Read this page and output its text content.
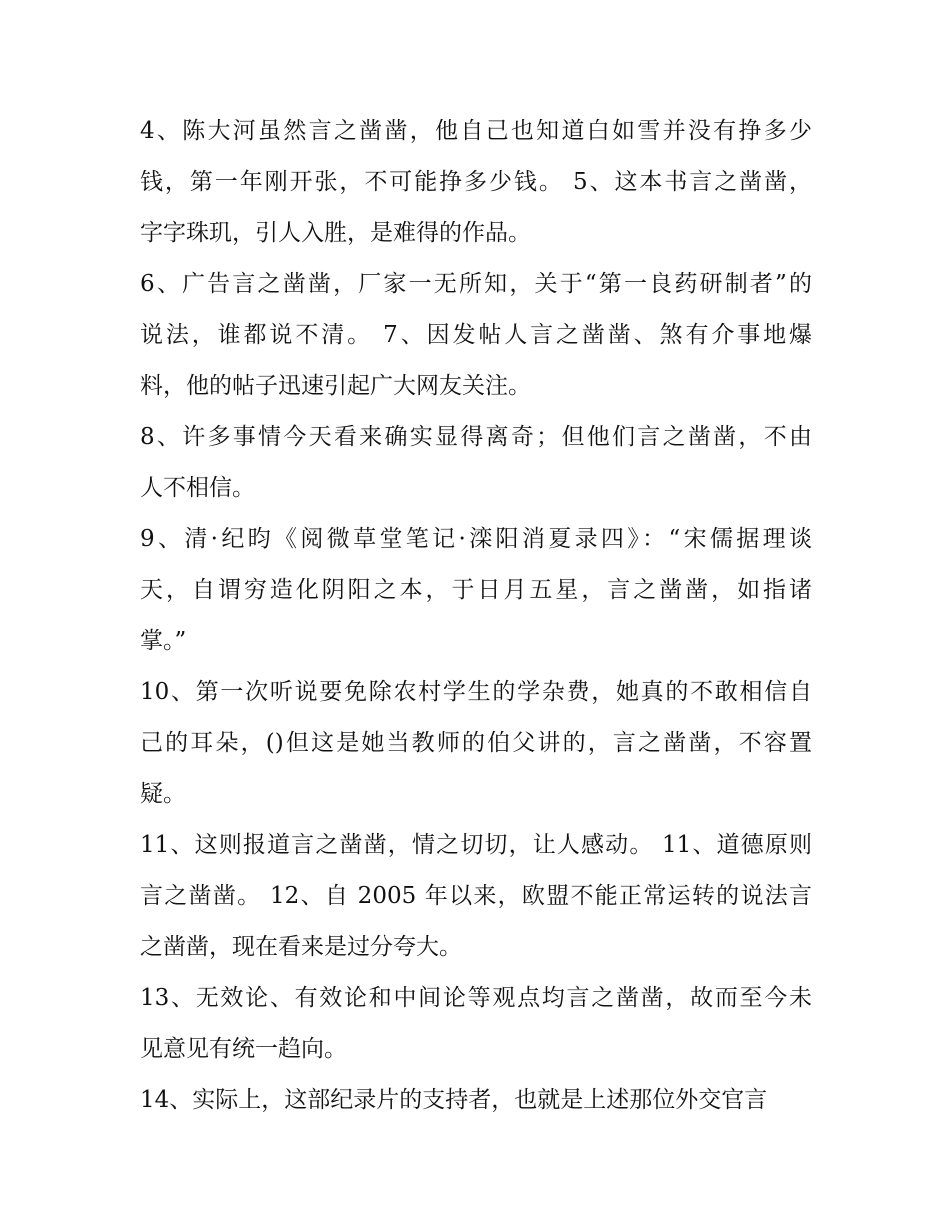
4、陈大河虽然言之凿凿，他自己也知道白如雪并没有挣多少
钱，第一年刚开张，不可能挣多少钱。 5、这本书言之凿凿，
字字珠玑，引人入胜，是难得的作品。
6、广告言之凿凿，厂家一无所知，关于“第一良药研制者”的
说法，谁都说不清。 7、因发帖人言之凿凿、煞有介事地爆
料，他的帖子迅速引起广大网友关注。
8、许多事情今天看来确实显得离奇；但他们言之凿凿，不由
人不相信。
9、清·纪昀《阅微草堂笔记·滦阳消夏录四》：“宋儒据理谈
天，自谓穷造化阴阳之本，于日月五星，言之凿凿，如指诸
掌。”
10、第一次听说要免除农村学生的学杂费，她真的不敢相信自
己的耳朵，()但这是她当教师的伯父讲的，言之凿凿，不容置
疑。
11、这则报道言之凿凿，情之切切，让人感动。 11、道德原则
言之凿凿。 12、自 2005 年以来，欧盟不能正常运转的说法言
之凿凿，现在看来是过分夸大。
13、无效论、有效论和中间论等观点均言之凿凿，故而至今未
见意见有统一趋向。
14、实际上，这部纪录片的支持者，也就是上述那位外交官言
